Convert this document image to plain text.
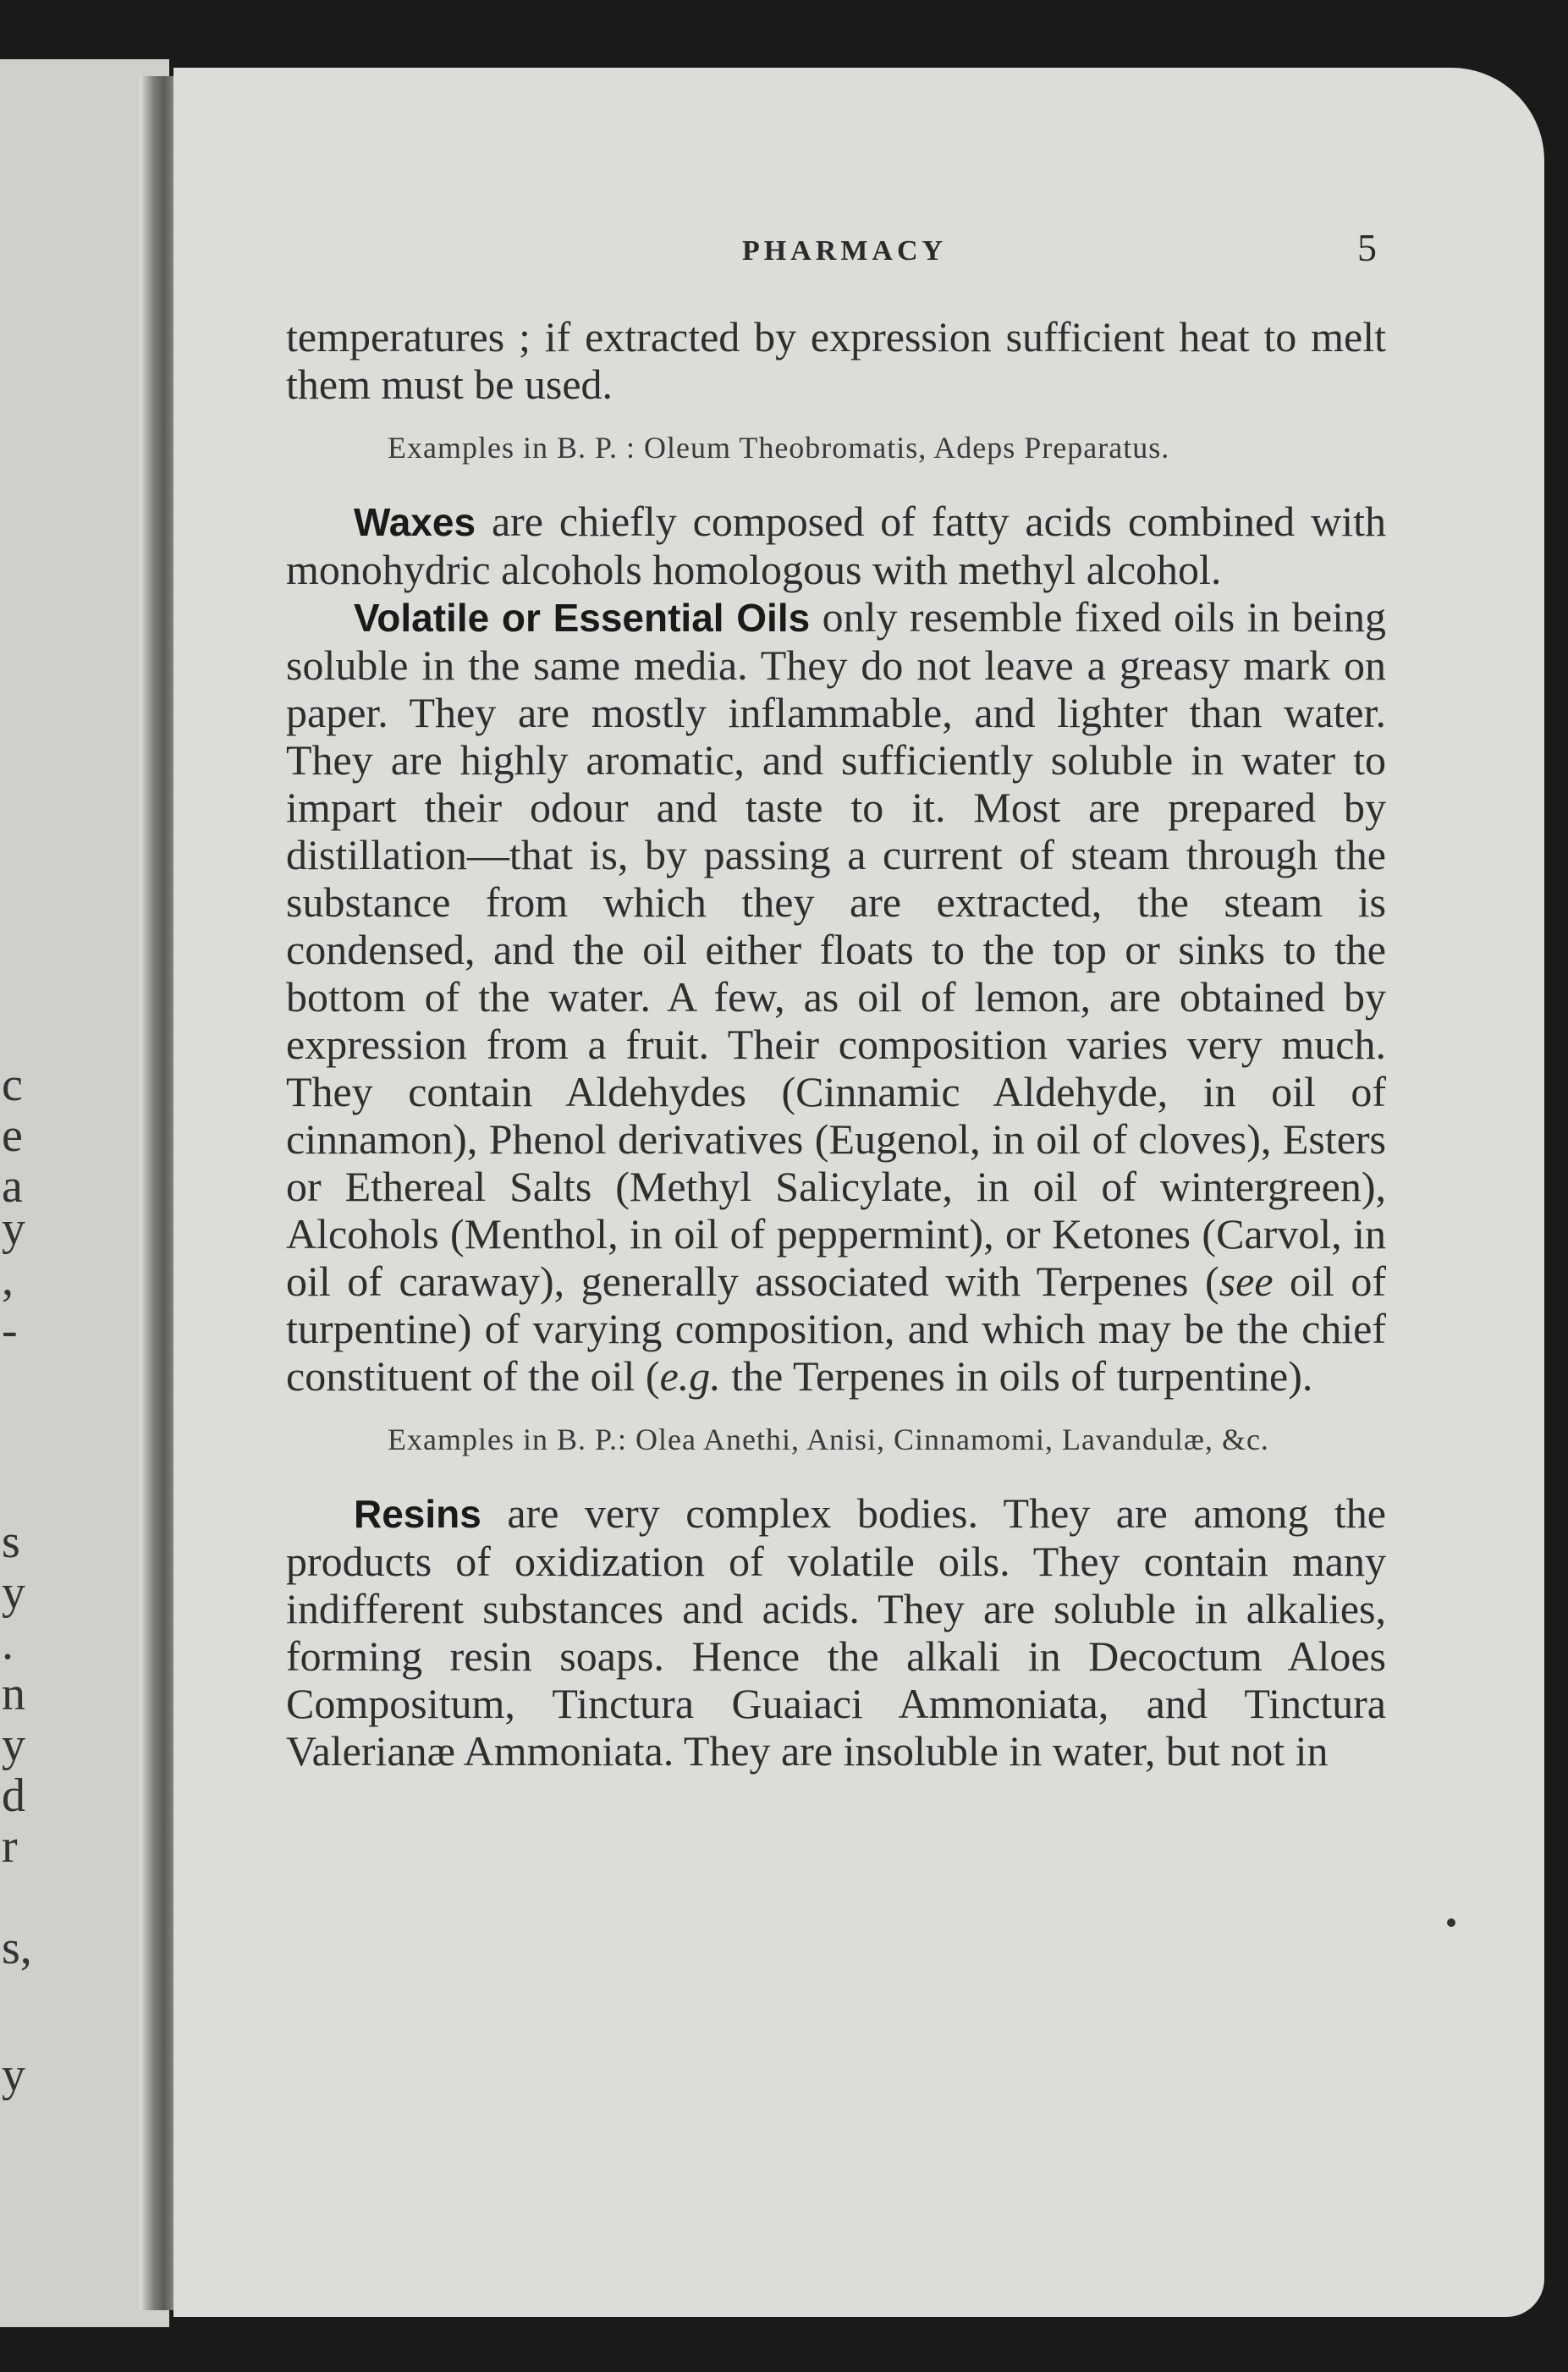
c
e
a
y
,
-
s
y
.
n
y
d
r
s,
y
PHARMACY	5

temperatures ; if extracted by expression sufficient heat to melt them must be used.

Examples in B. P. : Oleum Theobromatis, Adeps Preparatus.

Waxes are chiefly composed of fatty acids combined with monohydric alcohols homologous with methyl alcohol.

Volatile or Essential Oils only resemble fixed oils in being soluble in the same media. They do not leave a greasy mark on paper. They are mostly inflammable, and lighter than water. They are highly aromatic, and sufficiently soluble in water to impart their odour and taste to it. Most are prepared by distillation—that is, by passing a current of steam through the substance from which they are extracted, the steam is condensed, and the oil either floats to the top or sinks to the bottom of the water. A few, as oil of lemon, are obtained by expression from a fruit. Their composition varies very much. They contain Aldehydes (Cinnamic Aldehyde, in oil of cinnamon), Phenol derivatives (Eugenol, in oil of cloves), Esters or Ethereal Salts (Methyl Salicylate, in oil of wintergreen), Alcohols (Menthol, in oil of peppermint), or Ketones (Carvol, in oil of caraway), generally associated with Terpenes (see oil of turpentine) of varying composition, and which may be the chief constituent of the oil (e.g. the Terpenes in oils of turpentine).

Examples in B. P.: Olea Anethi, Anisi, Cinnamomi, Lavandulæ, &c.

Resins are very complex bodies. They are among the products of oxidization of volatile oils. They contain many indifferent substances and acids. They are soluble in alkalies, forming resin soaps. Hence the alkali in Decoctum Aloes Compositum, Tinctura Guaiaci Ammoniata, and Tinctura Valerianæ Ammoniata. They are insoluble in water, but not in
